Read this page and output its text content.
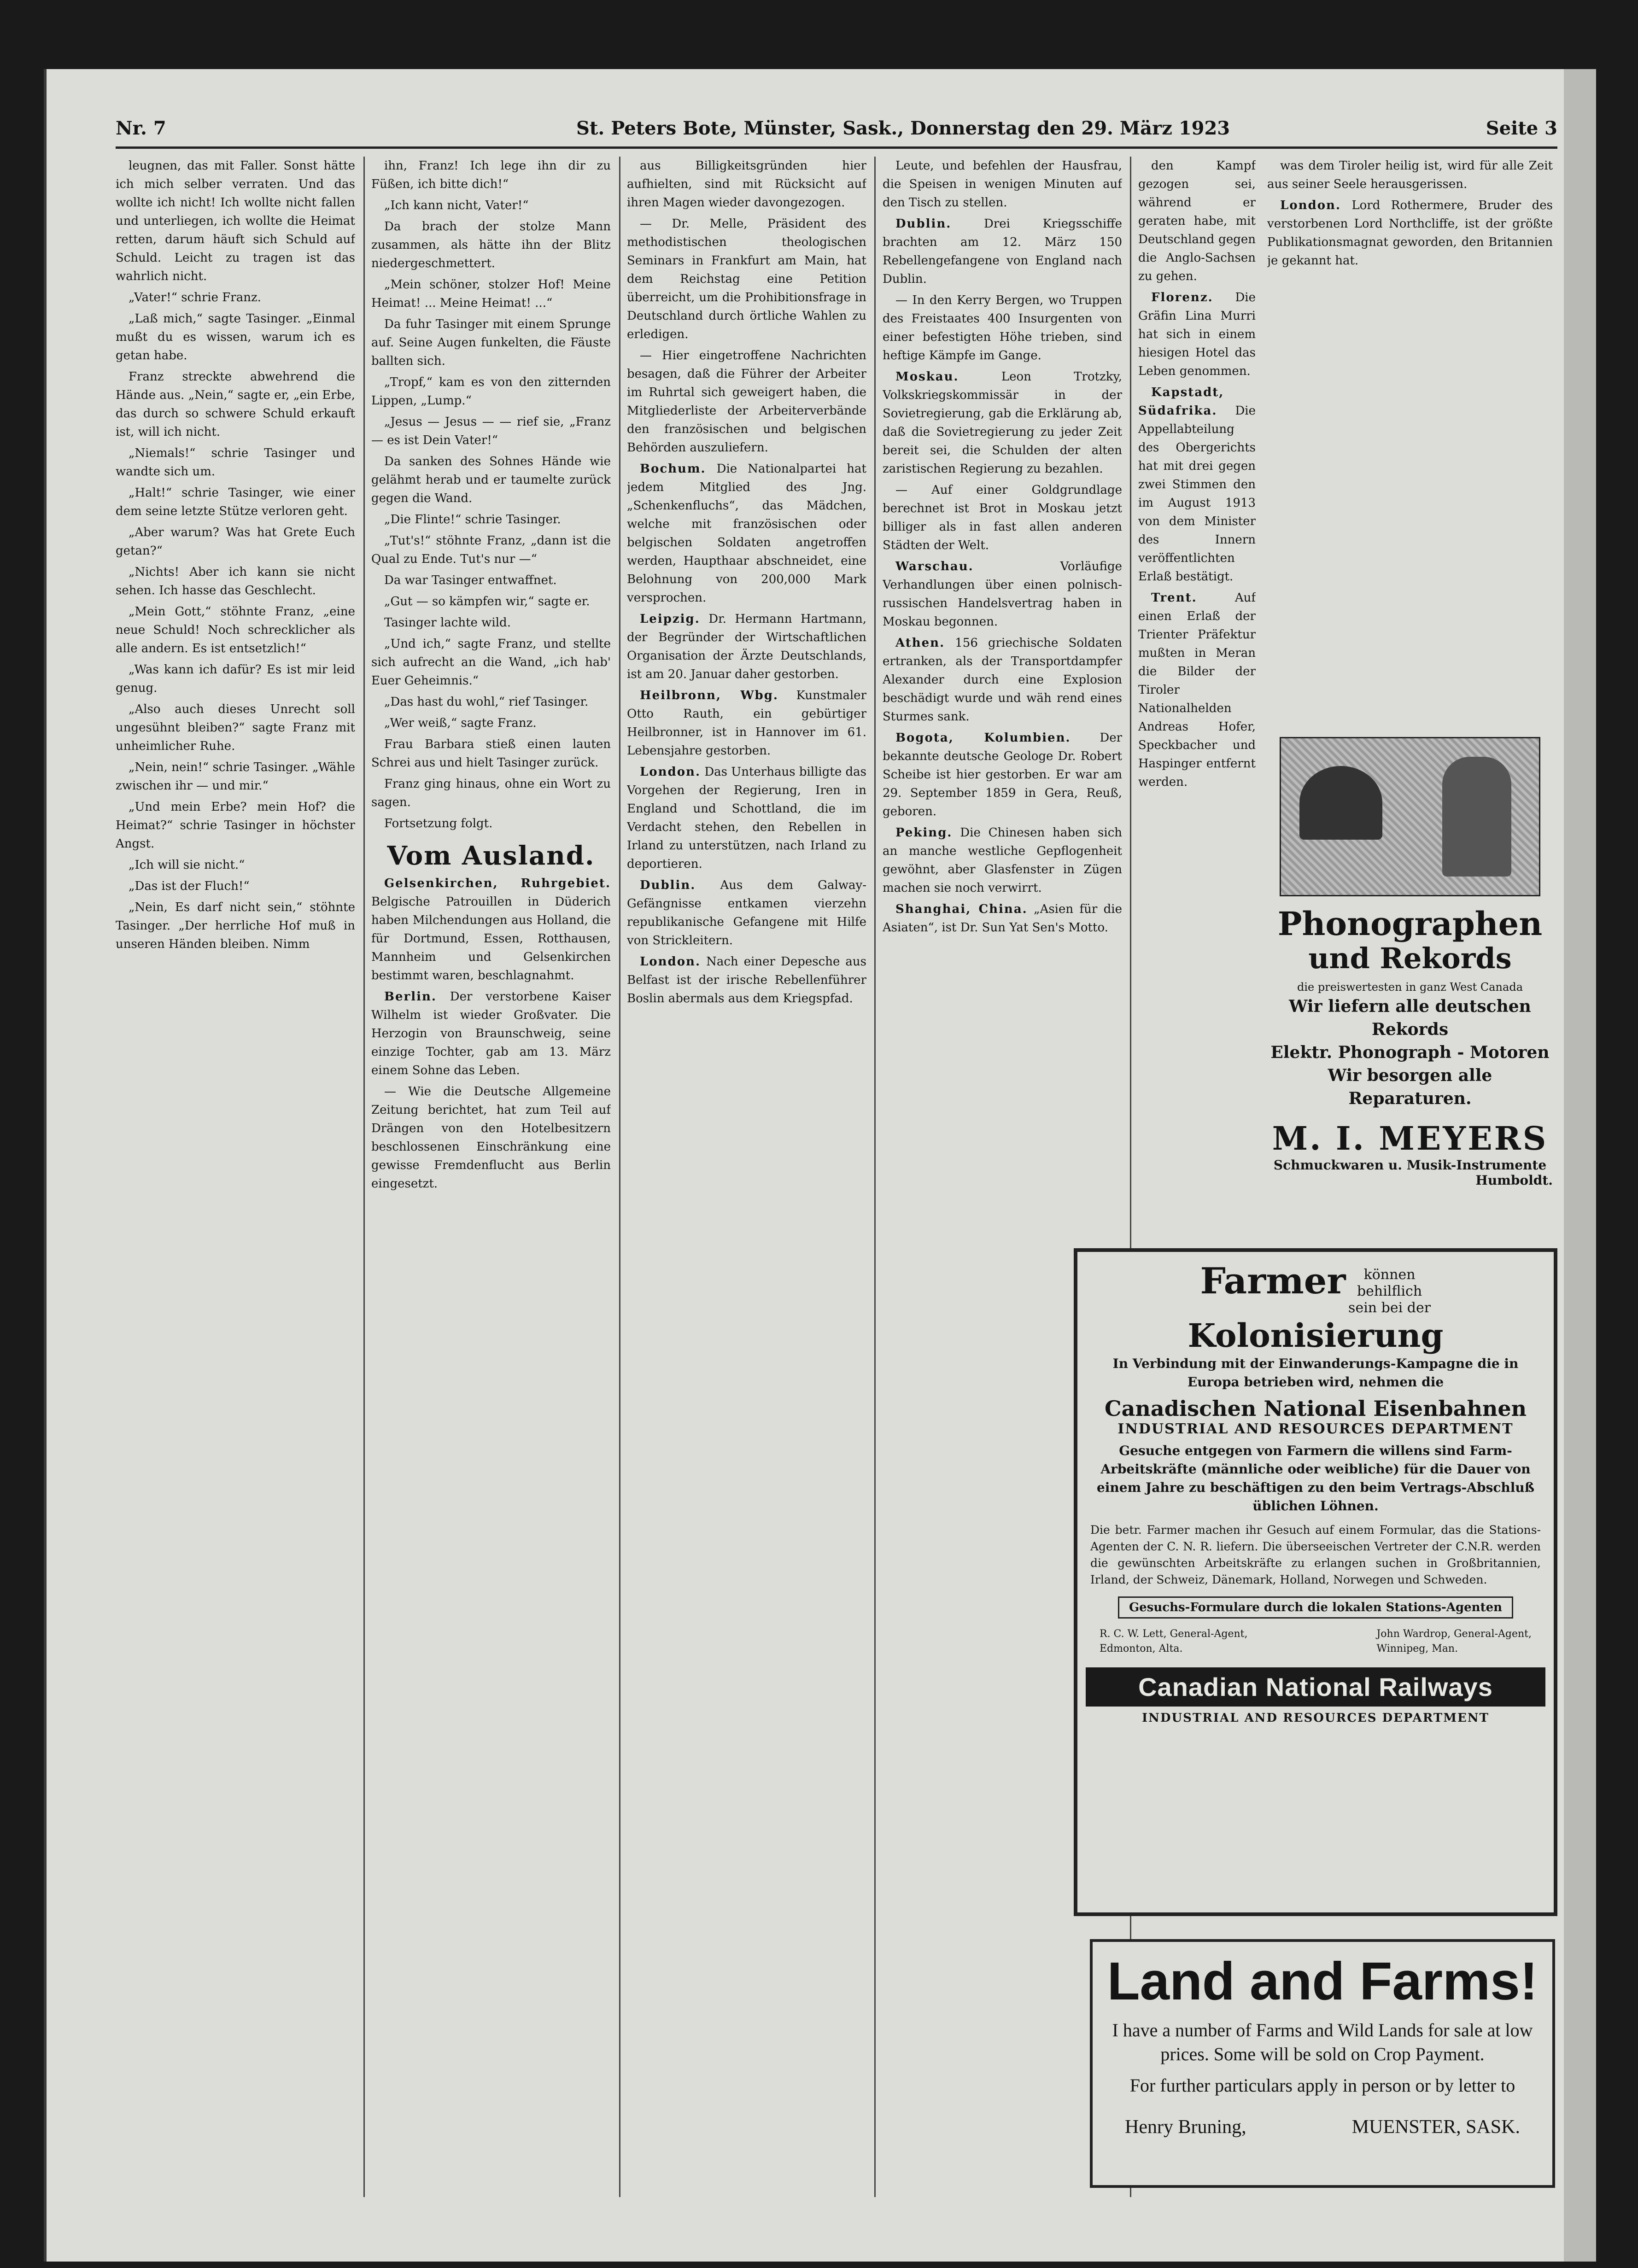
Nr. 7	St. Peters Bote, Münster, Sask., Donnerstag den 29. März 1923	Seite 3

leugnen, das mit Faller. Sonst hätte ich mich selber verraten. Und das wollte ich nicht! Ich wollte nicht fallen und unterliegen, ich wollte die Heimat retten, darum häuft sich Schuld auf Schuld. Leicht zu tragen ist das wahrlich nicht.

„Vater!“ schrie Franz.

„Laß mich,“ sagte Tasinger. „Einmal mußt du es wissen, warum ich es getan habe.

Franz streckte abwehrend die Hände aus. „Nein,“ sagte er, „ein Erbe, das durch so schwere Schuld erkauft ist, will ich nicht.

„Niemals!“ schrie Tasinger und wandte sich um.

„Halt!“ schrie Tasinger, wie einer dem seine letzte Stütze verloren geht.

„Aber warum? Was hat Grete Euch getan?“

„Nichts! Aber ich kann sie nicht sehen. Ich hasse das Geschlecht.

„Mein Gott,“ stöhnte Franz, „eine neue Schuld! Noch schrecklicher als alle andern. Es ist entsetzlich!“

„Was kann ich dafür? Es ist mir leid genug.

„Also auch dieses Unrecht soll ungesühnt bleiben?“ sagte Franz mit unheimlicher Ruhe.

„Nein, nein!“ schrie Tasinger. „Wähle zwischen ihr — und mir.“

„Und mein Erbe? mein Hof? die Heimat?“ schrie Tasinger in höchster Angst.

„Ich will sie nicht.“

„Das ist der Fluch!“

„Nein, Es darf nicht sein,“ stöhnte Tasinger. „Der herrliche Hof muß in unseren Händen bleiben. Nimm

ihn, Franz! Ich lege ihn dir zu Füßen, ich bitte dich!“

„Ich kann nicht, Vater!“

Da brach der stolze Mann zusammen, als hätte ihn der Blitz niedergeschmettert.

„Mein schöner, stolzer Hof! Meine Heimat! ... Meine Heimat! ...“

Da fuhr Tasinger mit einem Sprunge auf. Seine Augen funkelten, die Fäuste ballten sich.

„Tropf,“ kam es von den zitternden Lippen, „Lump.“

„Jesus — Jesus — — rief sie, „Franz — es ist Dein Vater!“

Da sanken des Sohnes Hände wie gelähmt herab und er taumelte zurück gegen die Wand.

„Die Flinte!“ schrie Tasinger.

„Tut's!“ stöhnte Franz, „dann ist die Qual zu Ende. Tut's nur —“

Da war Tasinger entwaffnet.

„Gut — so kämpfen wir,“ sagte er.

Tasinger lachte wild.

„Und ich,“ sagte Franz, und stellte sich aufrecht an die Wand, „ich hab' Euer Geheimnis.“

„Das hast du wohl,“ rief Tasinger.

„Wer weiß,“ sagte Franz.

Frau Barbara stieß einen lauten Schrei aus und hielt Tasinger zurück.

Franz ging hinaus, ohne ein Wort zu sagen.

Fortsetzung folgt.

Vom Ausland.

Gelsenkirchen, Ruhrgebiet. Belgische Patrouillen in Düderich haben Milchendungen aus Holland, die für Dortmund, Essen, Rotthausen, Mannheim und Gelsenkirchen bestimmt waren, beschlagnahmt.

Berlin. Der verstorbene Kaiser Wilhelm ist wieder Großvater. Die Herzogin von Braunschweig, seine einzige Tochter, gab am 13. März einem Sohne das Leben.

— Wie die Deutsche Allgemeine Zeitung berichtet, hat zum Teil auf Drängen von den Hotelbesitzern beschlossenen Einschränkung eine gewisse Fremdenflucht aus Berlin eingesetzt.

aus Billigkeitsgründen hier aufhielten, sind mit Rücksicht auf ihren Magen wieder davongezogen.

— Dr. Melle, Präsident des methodistischen theologischen Seminars in Frankfurt am Main, hat dem Reichstag eine Petition überreicht, um die Prohibitionsfrage in Deutschland durch örtliche Wahlen zu erledigen.

— Hier eingetroffene Nachrichten besagen, daß die Führer der Arbeiter im Ruhrtal sich geweigert haben, die Mitgliederliste der Arbeiterverbände den französischen und belgischen Behörden auszuliefern.

Bochum. Die Nationalpartei hat jedem Mitglied des Jng. „Schenkenfluchs“, das Mädchen, welche mit französischen oder belgischen Soldaten angetroffen werden, Haupthaar abschneidet, eine Belohnung von 200,000 Mark versprochen.

Leipzig. Dr. Hermann Hartmann, der Begründer der Wirtschaftlichen Organisation der Ärzte Deutschlands, ist am 20. Januar daher gestorben.

Heilbronn, Wbg. Kunstmaler Otto Rauth, ein gebürtiger Heilbronner, ist in Hannover im 61. Lebensjahre gestorben.

London. Das Unterhaus billigte das Vorgehen der Regierung, Iren in England und Schottland, die im Verdacht stehen, den Rebellen in Irland zu unterstützen, nach Irland zu deportieren.

Dublin. Aus dem Galway-Gefängnisse entkamen vierzehn republikanische Gefangene mit Hilfe von Strickleitern.

London. Nach einer Depesche aus Belfast ist der irische Rebellenführer Boslin abermals aus dem Kriegspfad.

Leute, und befehlen der Hausfrau, die Speisen in wenigen Minuten auf den Tisch zu stellen.

Dublin.	Drei Kriegsschiffe brachten am 12. März 150 Rebellengefangene von England nach Dublin.

— In den Kerry Bergen, wo Truppen des Freistaates 400 Insurgenten von einer befestigten Höhe trieben, sind heftige Kämpfe im Gange.

Moskau.	Leon Trotzky, Volkskriegskommissär in der Sovietregierung, gab die Erklärung ab, daß die Sovietregierung zu jeder Zeit bereit sei, die Schulden der alten zaristischen Regierung zu bezahlen.

— Auf einer Goldgrundlage berechnet ist Brot in Moskau jetzt billiger als in fast allen anderen Städten der Welt.

Warschau.	Vorläufige Verhandlungen über einen polnisch-russischen Handelsvertrag haben in Moskau begonnen.

Athen. 156 griechische Soldaten ertranken, als der Transportdampfer Alexander durch eine Explosion beschädigt wurde und wäh rend eines Sturmes sank.

Bogota, Kolumbien. Der bekannte deutsche Geologe Dr. Robert Scheibe ist hier gestorben. Er war am 29. September 1859 in Gera, Reuß, geboren.

Peking. Die Chinesen haben sich an manche westliche Gepflogenheit gewöhnt, aber Glasfenster in Zügen machen sie noch verwirrt.

Shanghai, China. „Asien für die Asiaten“, ist Dr. Sun Yat Sen's Motto.

den Kampf gezogen sei, während er geraten habe, mit Deutschland gegen die Anglo-Sachsen zu gehen.

Florenz. Die Gräfin Lina Murri hat sich in einem hiesigen Hotel das Leben genommen.

Kapstadt, Südafrika. Die Appellabteilung des Obergerichts hat mit drei gegen zwei Stimmen den im August 1913 von dem Minister des Innern veröffentlichten Erlaß bestätigt.

Trent.	Auf einen Erlaß der Trienter Präfektur mußten in Meran die Bilder der Tiroler Nationalhelden Andreas Hofer, Speckbacher und Haspinger entfernt werden.

was dem Tiroler heilig ist, wird für alle Zeit aus seiner Seele herausgerissen.

London. Lord Rothermere, Bruder des verstorbenen Lord Northcliffe, ist der größte Publikationsmagnat geworden, den Britannien je gekannt hat.

Phonographen

und Rekords

die preiswertesten in ganz West Canada
Wir liefern alle deutschen Rekords
Elektr. Phonograph - Motoren
Wir besorgen alle Reparaturen.
M. I. MEYERS
Schmuckwaren u. Musik-Instrumente
Humboldt.
Farmer können behilflich sein bei der Kolonisierung
In Verbindung mit der Einwanderungs-Kampagne die in Europa betrieben wird, nehmen die
Canadischen National Eisenbahnen
INDUSTRIAL AND RESOURCES DEPARTMENT
Gesuche entgegen von Farmern die willens sind Farm-Arbeitskräfte (männliche oder weibliche) für die Dauer von einem Jahre zu beschäftigen zu den beim Vertrags-Abschluß üblichen Löhnen.
Die betr. Farmer machen ihr Gesuch auf einem Formular, das die Stations-Agenten der C. N. R. liefern. Die überseeischen Vertreter der C.N.R. werden die gewünschten Arbeitskräfte zu erlangen suchen in Großbritannien, Irland, der Schweiz, Dänemark, Holland, Norwegen und Schweden.
Gesuchs-Formulare durch die lokalen Stations-Agenten
R. C. W. Lett, General-Agent,
Edmonton, Alta.
John Wardrop, General-Agent,
Winnipeg, Man.
Canadian National Railways
INDUSTRIAL AND RESOURCES DEPARTMENT
Land and Farms!
I have a number of Farms and Wild Lands for sale at low prices. Some will be sold on Crop Payment.
For further particulars apply in person or by letter to
Henry Bruning,	MUENSTER, SASK.
